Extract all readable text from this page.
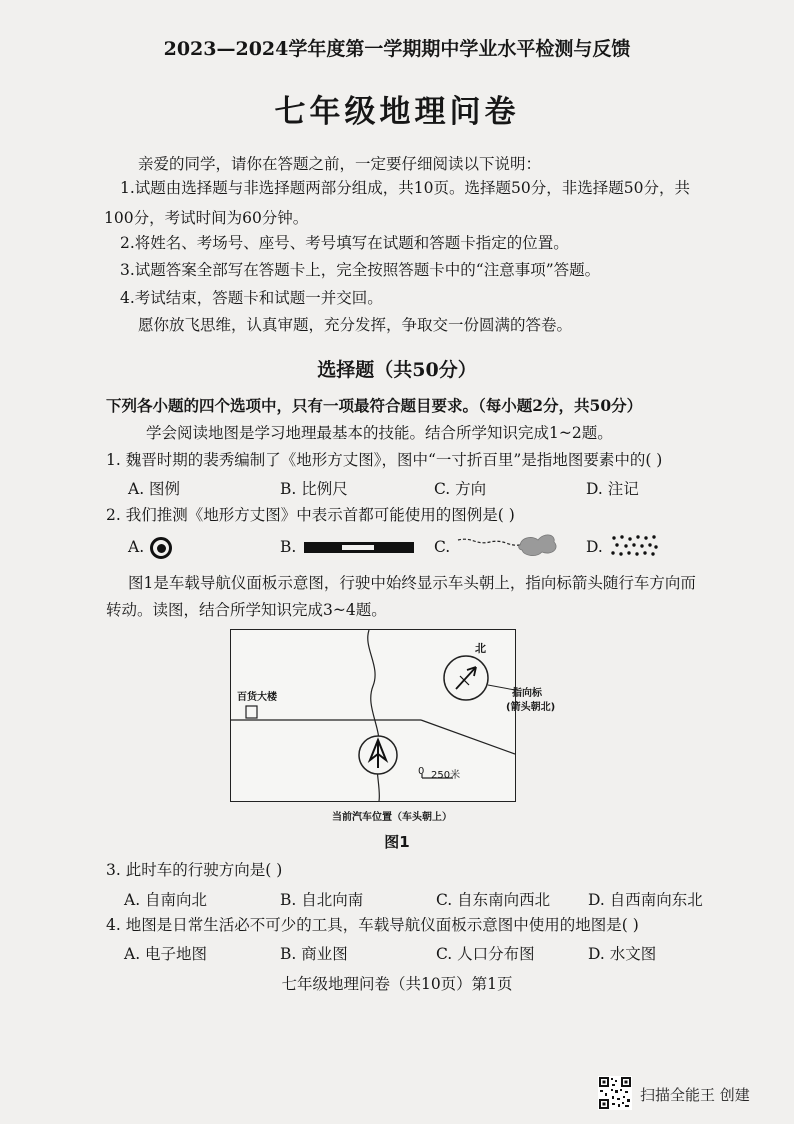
2023—2024学年度第一学期期中学业水平检测与反馈
七年级地理问卷
亲爱的同学，请你在答题之前，一定要仔细阅读以下说明：
1.试题由选择题与非选择题两部分组成，共10页。选择题50分，非选择题50分，共
100分，考试时间为60分钟。
2.将姓名、考场号、座号、考号填写在试题和答题卡指定的位置。
3.试题答案全部写在答题卡上，完全按照答题卡中的“注意事项”答题。
4.考试结束，答题卡和试题一并交回。
愿你放飞思维，认真审题，充分发挥，争取交一份圆满的答卷。
选择题（共50分）
下列各小题的四个选项中，只有一项最符合题目要求。（每小题2分，共50分）
学会阅读地图是学习地理最基本的技能。结合所学知识完成1~2题。
1. 魏晋时期的裴秀编制了《地形方丈图》，图中“一寸折百里”是指地图要素中的( )
A. 图例	B. 比例尺	C. 方向	D. 注记
2. 我们推测《地形方丈图》中表示首都可能使用的图例是( )
A.	B.	C.	D.
图1是车载导航仪面板示意图，行驶中始终显示车头朝上，指向标箭头随行车方向而
转动。读图，结合所学知识完成3~4题。
北
百货大楼
0 250米
指向标
(箭头朝北)
当前汽车位置（车头朝上）
图1
3. 此时车的行驶方向是( )
A. 自南向北	B. 自北向南	C. 自东南向西北 D. 自西南向东北
4. 地图是日常生活必不可少的工具，车载导航仪面板示意图中使用的地图是( )
A. 电子地图	B. 商业图	C. 人口分布图	D. 水文图
七年级地理问卷（共10页）第1页
扫描全能王 创建
